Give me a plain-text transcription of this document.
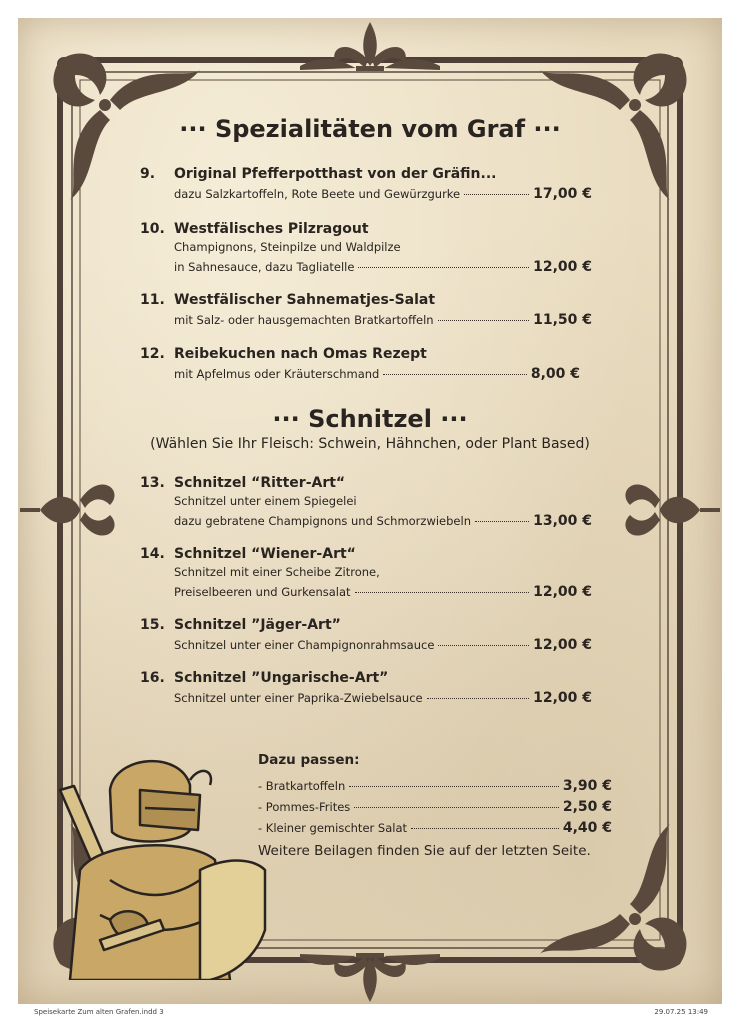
··· Spezialitäten vom Graf ···
9. Original Pfefferpotthast von der Gräfin...
dazu Salzkartoffeln, Rote Beete und Gewürzgurke	17,00 €
10. Westfälisches Pilzragout
Champignons, Steinpilze und Waldpilze
in Sahnesauce, dazu Tagliatelle	12,00 €
11. Westfälischer Sahnematjes-Salat
mit Salz- oder hausgemachten Bratkartoffeln	11,50 €
12. Reibekuchen nach Omas Rezept
mit Apfelmus oder Kräuterschmand	8,00 €
··· Schnitzel ···
(Wählen Sie Ihr Fleisch: Schwein, Hähnchen, oder Plant Based)
13. Schnitzel “Ritter-Art“
Schnitzel unter einem Spiegelei
dazu gebratene Champignons und Schmorzwiebeln	13,00 €
14. Schnitzel “Wiener-Art“
Schnitzel mit einer Scheibe Zitrone,
Preiselbeeren und Gurkensalat	12,00 €
15. Schnitzel ”Jäger-Art”
Schnitzel unter einer Champignonrahmsauce	12,00 €
16. Schnitzel ”Ungarische-Art”
Schnitzel unter einer Paprika-Zwiebelsauce	12,00 €
Dazu passen:
- Bratkartoffeln	3,90 €
- Pommes-Frites	2,50 €
- Kleiner gemischter Salat	4,40 €
Weitere Beilagen finden Sie auf der letzten Seite.
Speisekarte Zum alten Grafen.indd 3	29.07.25 13:49
